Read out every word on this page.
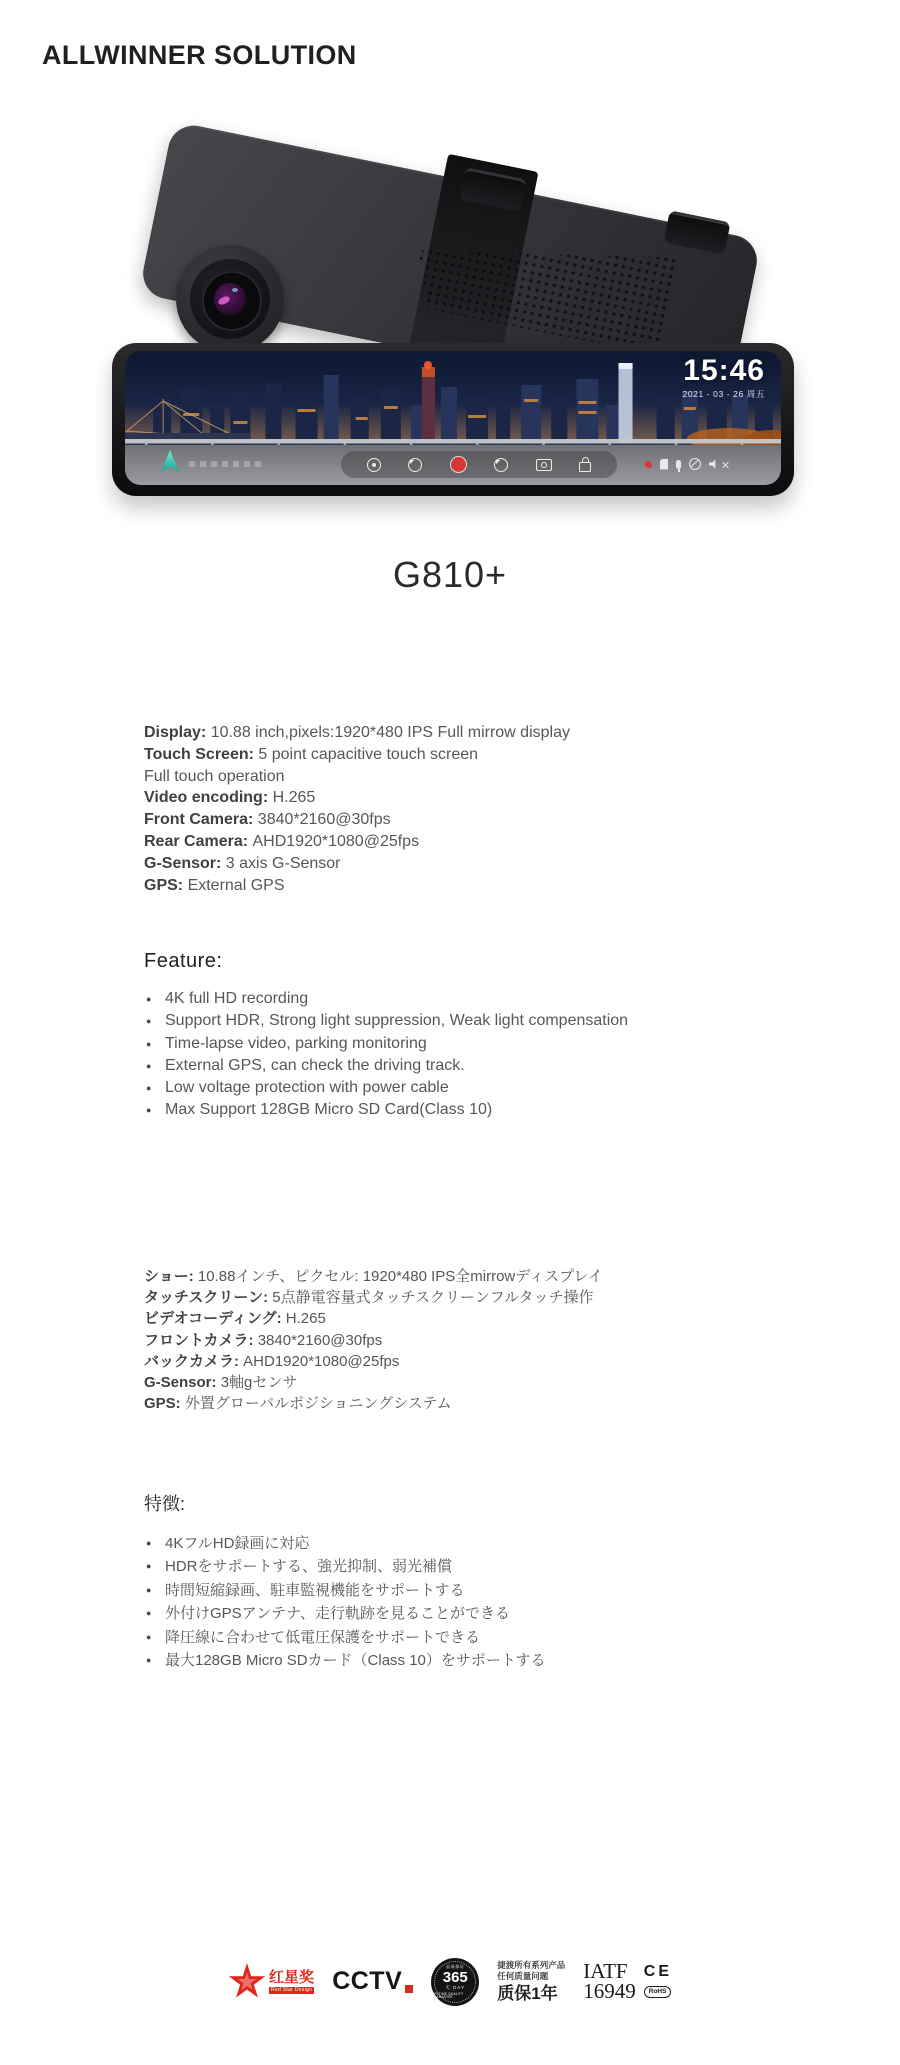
ALLWINNER SOLUTION
15:46
2021 - 03 - 26 周五
G810+
Display: 10.88 inch,pixels:1920*480 IPS Full mirrow display
Touch Screen: 5 point capacitive touch screen
Full touch operation
Video encoding: H.265
Front Camera: 3840*2160@30fps
Rear Camera: AHD1920*1080@25fps
G-Sensor: 3 axis G-Sensor
GPS: External GPS
Feature:
● 4K full HD recording
● Support HDR, Strong light suppression, Weak light compensation
● Time-lapse video, parking monitoring
● External GPS, can check the driving track.
● Low voltage protection with power cable
● Max Support 128GB Micro SD Card(Class 10)
ショー: 10.88インチ、ピクセル: 1920*480 IPS全mirrowディスプレイ
タッチスクリーン: 5点静電容量式タッチスクリーンフルタッチ操作
ビデオコーディング: H.265
フロントカメラ: 3840*2160@30fps
バックカメラ: AHD1920*1080@25fps
G-Sensor: 3軸gセンサ
GPS: 外置グローバルポジショニングシステム
特徴:
● 4KフルHD録画に対応
● HDRをサポートする、強光抑制、弱光補償
● 時間短縮録画、駐車監視機能をサポートする
● 外付けGPSアンテナ、走行軌跡を見ることができる
● 降圧線に合わせて低電圧保護をサポートできる
● 最大128GB Micro SDカード（Class 10）をサポートする
红星奖
Red Star Design CCTV
品质保证
365
天 DAY
LIFETIME QUALITY GUARANTEE
捷渡所有系列产品
任何质量问题
质保1年
IATF	CE
16949	RoHS
